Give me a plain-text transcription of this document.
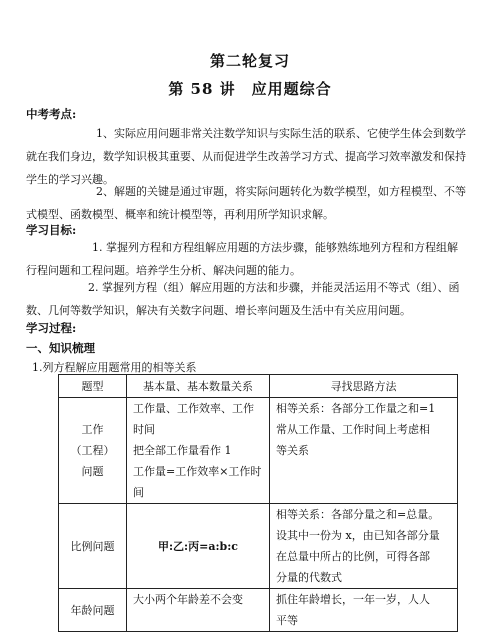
第二轮复习
第 58 讲　应用题综合
中考考点:
1、实际应用问题非常关注数学知识与实际生活的联系、它使学生体会到数学就在我们身边，数学知识极其重要、从而促进学生改善学习方式、提高学习效率激发和保持学生的学习兴趣。
2、解题的关键是通过审题，将实际问题转化为数学模型，如方程模型、不等式模型、函数模型、概率和统计模型等，再利用所学知识求解。
学习目标:
1. 掌握列方程和方程组解应用题的方法步骤，能够熟练地列方程和方程组解行程问题和工程问题。培养学生分析、解决问题的能力。
2. 掌握列方程（组）解应用题的方法和步骤，并能灵活运用不等式（组）、函数、几何等数学知识，解决有关数字问题、增长率问题及生活中有关应用问题。
学习过程:
一、知识梳理
1.列方程解应用题常用的相等关系
题型	基本量、基本数量关系	寻找思路方法

工作
（工程）
问题	工作量、工作效率、工作时间
把全部工作量看作 1
工作量=工作效率×工作时间	相等关系：各部分工作量之和=1
常从工作量、工作时间上考虑相
等关系

比例问题	甲:乙:丙=a:b:c	相等关系：各部分量之和=总量。
设其中一份为 x，由已知各部分量
在总量中所占的比例，可得各部
分量的代数式

年龄问题	大小两个年龄差不会变	抓住年龄增长，一年一岁，人人
平等
